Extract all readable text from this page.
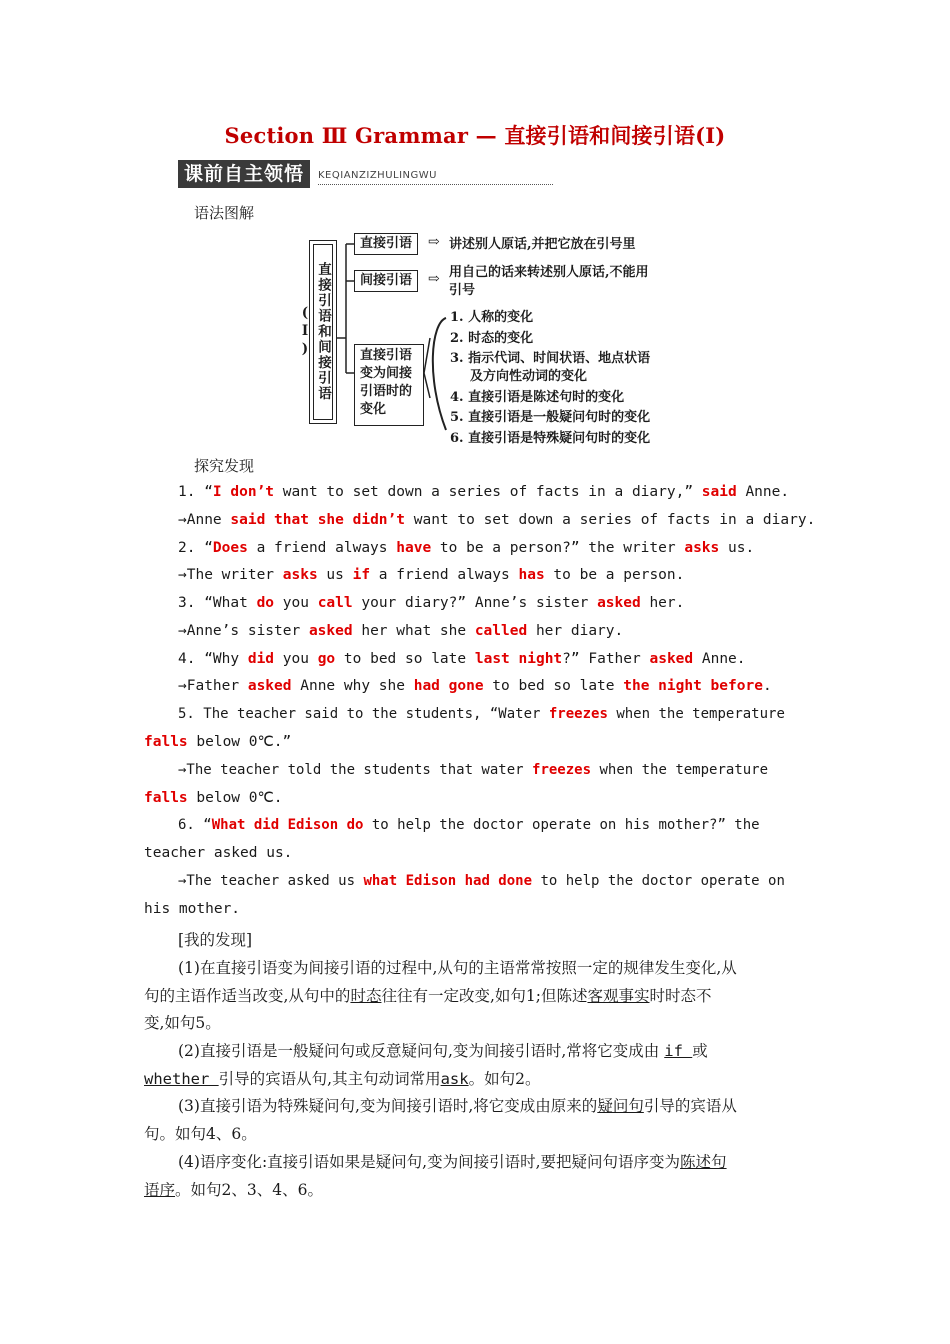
Section Ⅲ Grammar — 直接引语和间接引语(Ⅰ)
课前自主领悟	KEQIANZIZHULINGWU
语法图解
直接引语和间接引语(Ⅰ)
直接引语	⇨ 讲述别人原话,并把它放在引号里
间接引语	⇨ 用自己的话来转述别人原话,不能用
引号
直接引语
变为间接
引语时的
变化
1. 人称的变化
2. 时态的变化
3. 指示代词、时间状语、地点状语
及方向性动词的变化
4. 直接引语是陈述句时的变化
5. 直接引语是一般疑问句时的变化
6. 直接引语是特殊疑问句时的变化
探究发现
1. “I don’t want to set down a series of facts in a diary,” said Anne.
→Anne said that she didn’t want to set down a series of facts in a diary.
2. “Does a friend always have to be a person?” the writer asks us.
→The writer asks us if a friend always has to be a person.
3. “What do you call your diary?” Anne’s sister asked her.
→Anne’s sister asked her what she called her diary.
4. “Why did you go to bed so late last night?” Father asked Anne.
→Father asked Anne why she had gone to bed so late the night before.
5. The teacher said to the students, “Water freezes when the temperature
falls below 0℃.”
→The teacher told the students that water freezes when the temperature
falls below 0℃.
6. “What did Edison do to help the doctor operate on his mother?” the
teacher asked us.
→The teacher asked us what Edison had done to help the doctor operate on
his mother.
[我的发现]
(1)在直接引语变为间接引语的过程中,从句的主语常常按照一定的规律发生变化,从
句的主语作适当改变,从句中的时态往往有一定改变,如句1;但陈述客观事实时时态不
变,如句5。
(2)直接引语是一般疑问句或反意疑问句,变为间接引语时,常将它变成由 if 或
whether 引导的宾语从句,其主句动词常用ask。如句2。
(3)直接引语为特殊疑问句,变为间接引语时,将它变成由原来的疑问句引导的宾语从
句。如句4、6。
(4)语序变化:直接引语如果是疑问句,变为间接引语时,要把疑问句语序变为陈述句
语序。如句2、3、4、6。
